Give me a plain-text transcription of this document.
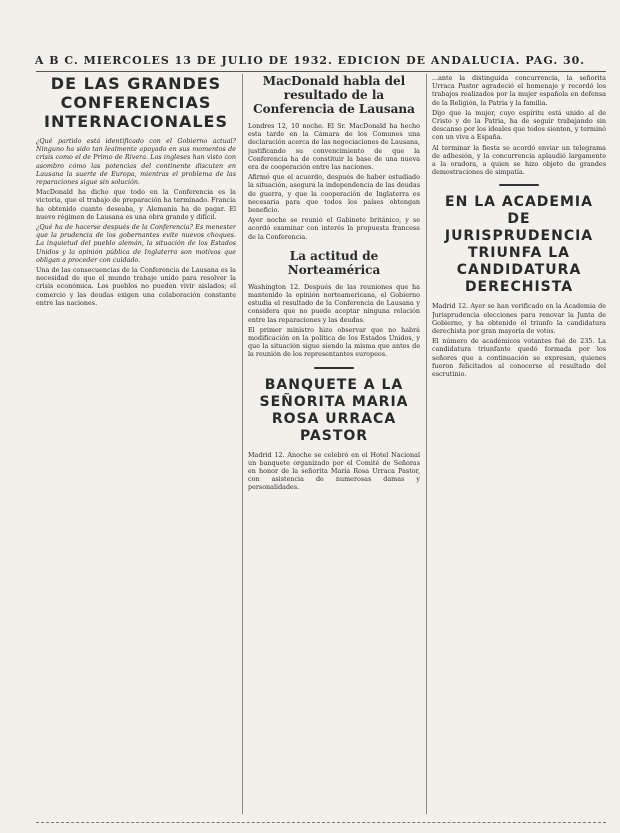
A B C. MIERCOLES 13 DE JULIO DE 1932. EDICION DE ANDALUCIA. PAG. 30.
DE LAS GRANDES CONFERENCIAS INTERNACIONALES

¿Qué partido está identificado con el Gobierno actual? Ninguno ha sido tan lealmente apoyado en sus momentos de crisis como el de Primo de Rivera. Los ingleses han visto con asombro cómo las potencias del continente discuten en Lausana la suerte de Europa, mientras el problema de las reparaciones sigue sin solución.

MacDonald ha dicho que todo en la Conferencia es la victoria, que el trabajo de preparación ha terminado. Francia ha obtenido cuanto deseaba, y Alemania ha de pagar. El nuevo régimen de Lausana es una obra grande y difícil.

¿Qué ha de hacerse después de la Conferencia? Es menester que la prudencia de los gobernantes evite nuevos choques. La inquietud del pueblo alemán, la situación de los Estados Unidos y la opinión pública de Inglaterra son motivos que obligan a proceder con cuidado.

Una de las consecuencias de la Conferencia de Lausana es la necesidad de que el mundo trabaje unido para resolver la crisis económica. Los pueblos no pueden vivir aislados; el comercio y las deudas exigen una colaboración constante entre las naciones.

MacDonald habla del resultado de la Conferencia de Lausana

Londres 12, 10 noche. El Sr. MacDonald ha hecho esta tarde en la Cámara de los Comunes una declaración acerca de las negociaciones de Lausana, justificando su convencimiento de que la Conferencia ha de constituir la base de una nueva era de cooperación entre las naciones.

Afirmó que el acuerdo, después de haber estudiado la situación, asegura la independencia de las deudas de guerra, y que la cooperación de Inglaterra es necesaria para que todos los países obtengan beneficio.

Ayer noche se reunió el Gabinete británico, y se acordó examinar con interés la propuesta francesa de la Conferencia.

La actitud de Norteamérica

Washington 12. Después de las reuniones que ha mantenido la opinión norteamericana, el Gobierno estudia el resultado de la Conferencia de Lausana y considera que no puede aceptar ninguna relación entre las reparaciones y las deudas.

El primer ministro hizo observar que no habrá modificación en la política de los Estados Unidos, y que la situación sigue siendo la misma que antes de la reunión de los representantes europeos.

BANQUETE A LA SEÑORITA MARIA ROSA URRACA PASTOR

Madrid 12. Anoche se celebró en el Hotel Nacional un banquete organizado por el Comité de Señoras en honor de la señorita María Rosa Urraca Pastor, con asistencia de numerosas damas y personalidades.

...ante la distinguida concurrencia, la señorita Urraca Pastor agradeció el homenaje y recordó los trabajos realizados por la mujer española en defensa de la Religión, la Patria y la familia.

Dijo que la mujer, cuyo espíritu está unido al de Cristo y de la Patria, ha de seguir trabajando sin descanso por los ideales que todos sienten, y terminó con un viva a España.

Al terminar la fiesta se acordó enviar un telegrama de adhesión, y la concurrencia aplaudió largamente a la oradora, a quien se hizo objeto de grandes demostraciones de simpatía.

EN LA ACADEMIA DE JURISPRUDENCIA TRIUNFA LA CANDIDATURA DERECHISTA

Madrid 12. Ayer se han verificado en la Academia de Jurisprudencia elecciones para renovar la Junta de Gobierno, y ha obtenido el triunfo la candidatura derechista por gran mayoría de votos.

El número de académicos votantes fué de 235. La candidatura triunfante quedó formada por los señores que a continuación se expresan, quienes fueron felicitados al conocerse el resultado del escrutinio.
